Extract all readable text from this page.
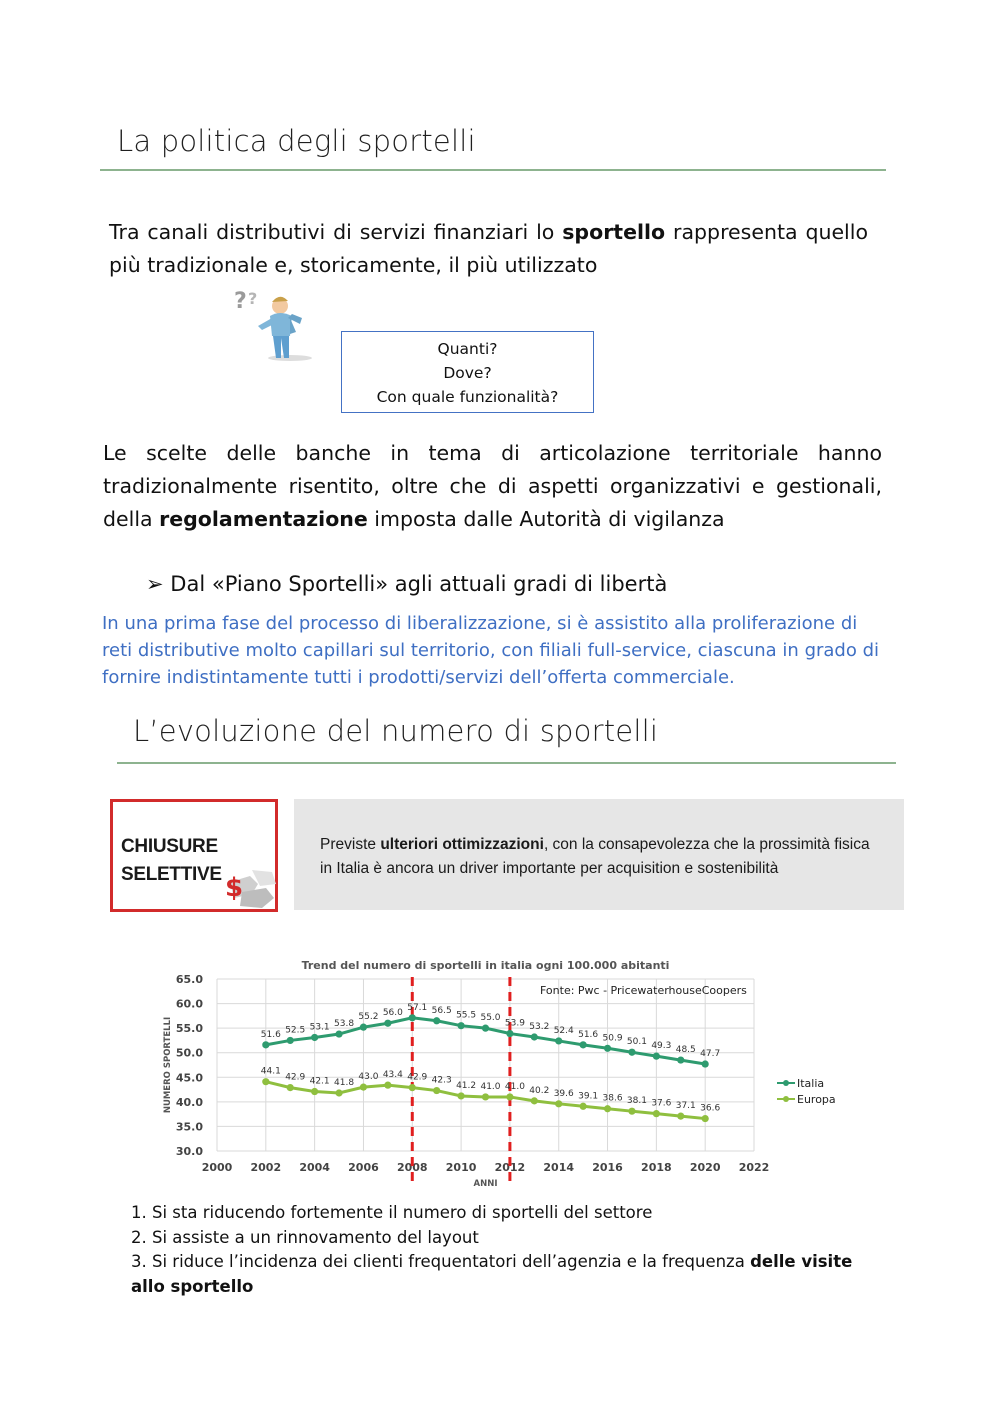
La politica degli sportelli
Tra canali distributivi di servizi finanziari lo sportello rappresenta quello più tradizionale e, storicamente, il più utilizzato
? ?
Quanti?
Dove?
Con quale funzionalità?
Le scelte delle banche in tema di articolazione territoriale hanno tradizionalmente risentito, oltre che di aspetti organizzativi e gestionali, della regolamentazione imposta dalle Autorità di vigilanza
➢ Dal «Piano Sportelli» agli attuali gradi di libertà
In una prima fase del processo di liberalizzazione, si è assistito alla proliferazione di reti distributive molto capillari sul territorio, con filiali full-service, ciascuna in grado di fornire indistintamente tutti i prodotti/servizi dell’offerta commerciale.
L’evoluzione del numero di sportelli
CHIUSURE
SELETTIVE $
Previste ulteriori ottimizzazioni, con la consapevolezza che la prossimità fisica in Italia è ancora un driver importante per acquisition e sostenibilità
Trend del numero di sportelli in italia ogni 100.000 abitanti
65.0
60.0
55.0
50.0
45.0
40.0
35.0
30.0
2000 2002 2004 2006 2008 2010 2012 2014 2016 2018 2020 2022
ANNI
NUMERO SPORTELLI
Fonte: Pwc - PricewaterhouseCoopers
51.6 52.5 53.1 53.8
55.2 56.0
57.1 56.5 55.5 55.0
53.9 53.2 52.4 51.6 50.9 50.1 49.3 48.5 47.7
Italia
44.1
42.9 42.1 41.8
43.0 43.4 42.9 42.3
41.2 41.0 41.0 40.2 39.6 39.1 38.6 38.1 37.6 37.1 36.6
Europa
1. Si sta riducendo fortemente il numero di sportelli del settore
2. Si assiste a un rinnovamento del layout
3. Si riduce l’incidenza dei clienti frequentatori dell’agenzia e la frequenza delle visite allo sportello
